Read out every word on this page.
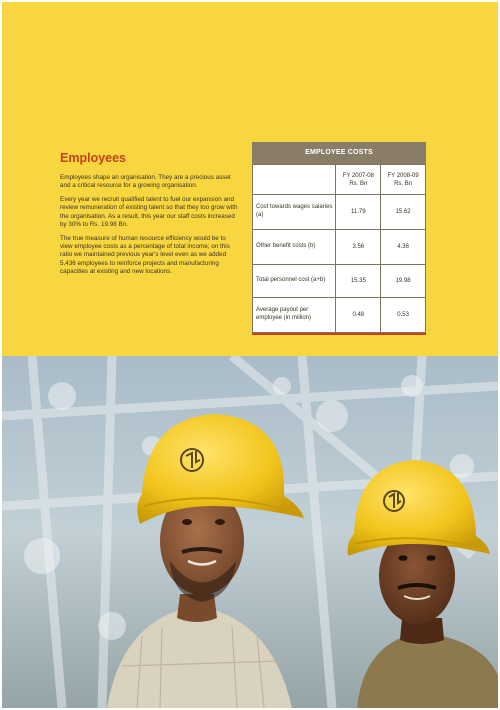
Employees

Employees shape an organisation. They are a precious asset and a critical resource for a growing organisation.

Every year we recruit qualified talent to fuel our expansion and review remuneration of existing talent so that they too grow with the organisation. As a result, this year our staff costs increased by 30% to Rs. 19.98 Bn.

The true measure of human resource efficiency would be to view employee costs as a percentage of total income; on this ratio we maintained previous year's level even as we added 5,436 employees to reinforce projects and manufacturing capacities at existing and new locations.

EMPLOYEE COSTS
	FY 2007-08 Rs. Bn	FY 2008-09 Rs. Bn
Cost towards wages salaries (a)	11.79	15.62
Other benefit costs (b)	3.56	4.36
Total personnel cost (a+b)	15.35	19.98
Average payout per employee (in million)	0.48	0.53
